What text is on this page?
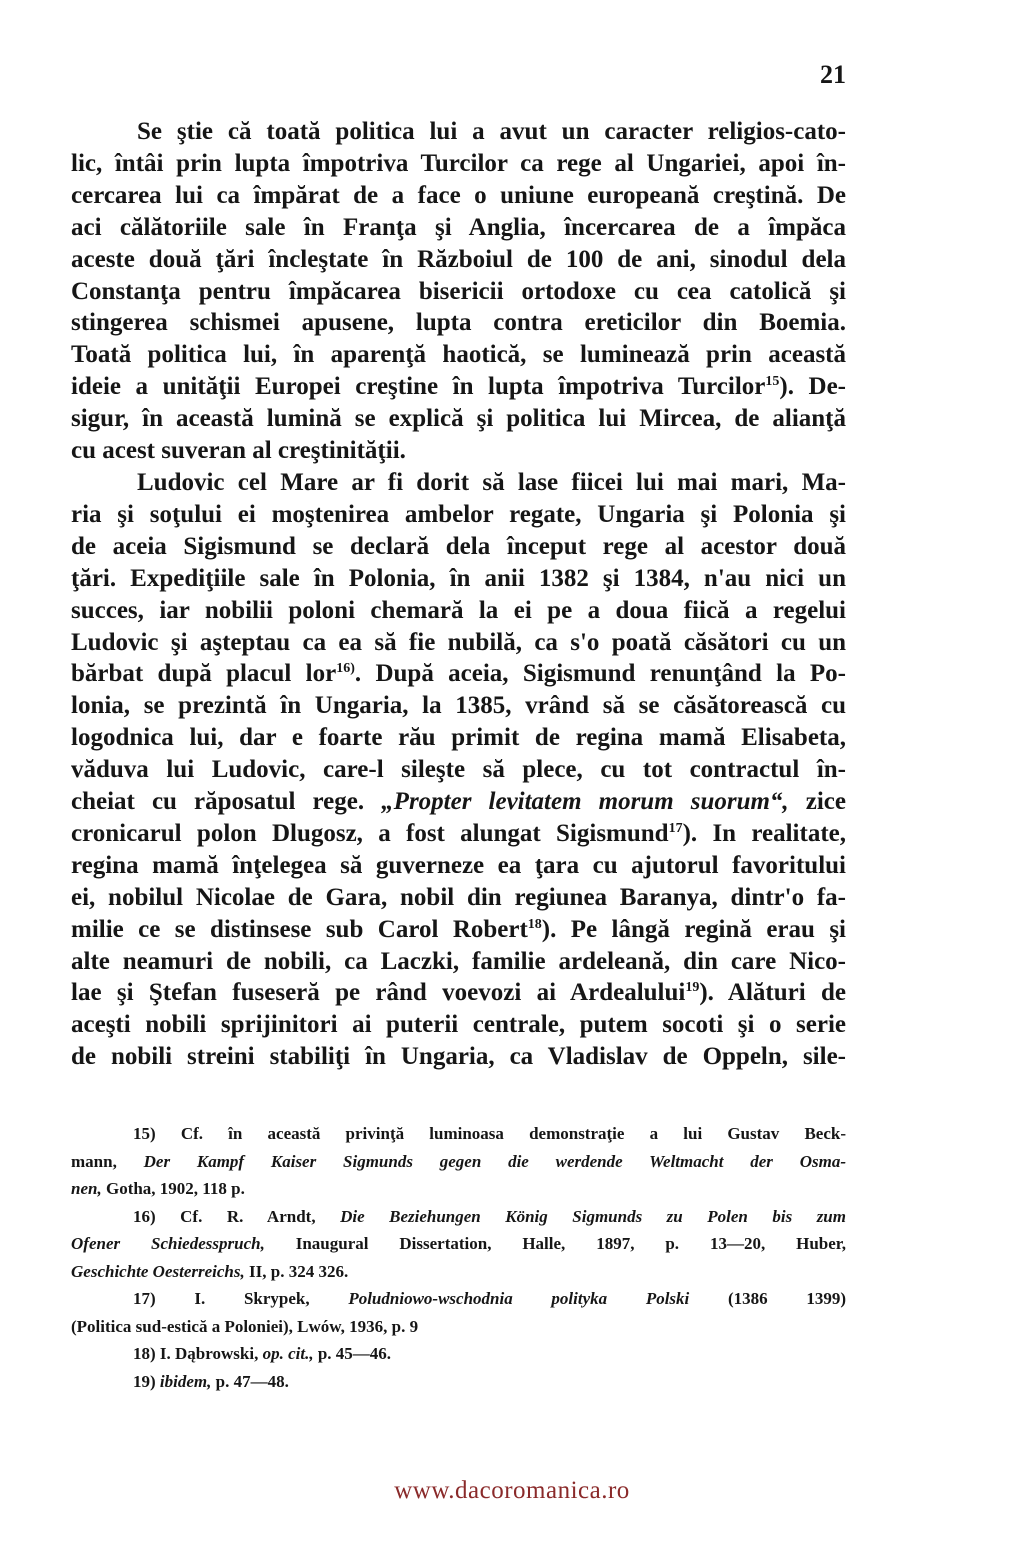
21
Se ştie că toată politica lui a avut un caracter religios-cato-
lic, întâi prin lupta împotriva Turcilor ca rege al Ungariei, apoi în-
cercarea lui ca împărat de a face o uniune europeană creştină. De
aci călătoriile sale în Franţa şi Anglia, încercarea de a împăca
aceste două ţări încleştate în Războiul de 100 de ani, sinodul dela
Constanţa pentru împăcarea bisericii ortodoxe cu cea catolică şi
stingerea schismei apusene, lupta contra ereticilor din Boemia.
Toată politica lui, în aparenţă haotică, se luminează prin această
ideie a unităţii Europei creştine în lupta împotriva Turcilor$^{15}$). De-
sigur, în această lumină se explică şi politica lui Mircea, de alianţă
cu acest suveran al creştinităţii.
Ludovic cel Mare ar fi dorit să lase fiicei lui mai mari, Ma-
ria şi soţului ei moştenirea ambelor regate, Ungaria şi Polonia şi
de aceia Sigismund se declară dela început rege al acestor două
ţări. Expediţiile sale în Polonia, în anii 1382 şi 1384, n'au nici un
succes, iar nobilii poloni chemară la ei pe a doua fiică a regelui
Ludovic şi aşteptau ca ea să fie nubilă, ca s'o poată căsători cu un
bărbat după placul lor$^{16)}$. După aceia, Sigismund renunţând la Po-
lonia, se prezintă în Ungaria, la 1385, vrând să se căsătorească cu
logodnica lui, dar e foarte rău primit de regina mamă Elisabeta,
văduva lui Ludovic, care-l sileşte să plece, cu tot contractul în-
cheiat cu răposatul rege. „Propter levitatem morum suorum“, zice
cronicarul polon Dlugosz, a fost alungat Sigismund$^{17}$). In realitate,
regina mamă înţelegea să guverneze ea ţara cu ajutorul favoritului
ei, nobilul Nicolae de Gara, nobil din regiunea Baranya, dintr'o fa-
milie ce se distinsese sub Carol Robert$^{18}$). Pe lângă regină erau şi
alte neamuri de nobili, ca Laczki, familie ardeleană, din care Nico-
lae şi Ştefan fuseseră pe rând voevozi ai Ardealului$^{19}$). Alături de
aceşti nobili sprijinitori ai puterii centrale, putem socoti şi o serie
de nobili streini stabiliţi în Ungaria, ca Vladislav de Oppeln, sile-
15) Cf. în această privinţă luminoasa demonstraţie a lui Gustav Beck-
mann, Der Kampf Kaiser Sigmunds gegen die werdende Weltmacht der Osma-
nen, Gotha, 1902, 118 p.
16) Cf. R. Arndt, Die Beziehungen König Sigmunds zu Polen bis zum
Ofener Schiedesspruch, Inaugural Dissertation, Halle, 1897, p. 13—20, Huber,
Geschichte Oesterreichs, II, p. 324 326.
17) I. Skrypek, Poludniowo-wschodnia polityka Polski (1386 1399)
(Politica sud-estică a Poloniei), Lwów, 1936, p. 9
18) I. Dąbrowski, op. cit., p. 45—46.
19) ibidem, p. 47—48.
www.dacoromanica.ro
